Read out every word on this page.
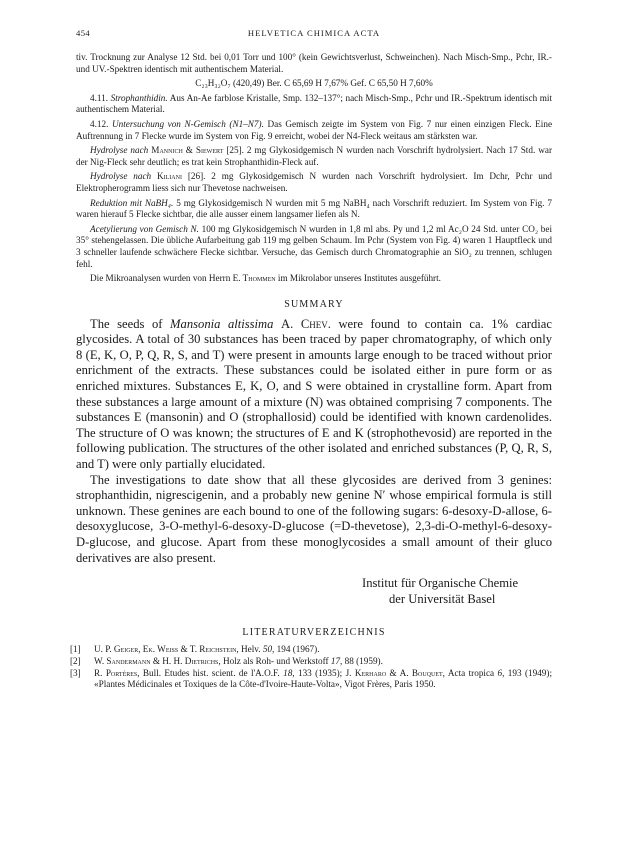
454	HELVETICA CHIMICA ACTA

tiv. Trocknung zur Analyse 12 Std. bei 0,01 Torr und 100° (kein Gewichtsverlust, Schweinchen). Nach Misch-Smp., Pchr, IR.- und UV.-Spektren identisch mit authentischem Material.

C₂₃H₃₂O₇ (420,49) Ber. C 65,69 H 7,67% Gef. C 65,50 H 7,60%

4.11. Strophanthidin. Aus An-Ae farblose Kristalle, Smp. 132–137°; nach Misch-Smp., Pchr und IR.-Spektrum identisch mit authentischem Material.

4.12. Untersuchung von N-Gemisch (N1–N7). Das Gemisch zeigte im System von Fig. 7 nur einen einzigen Fleck. Eine Auftrennung in 7 Flecke wurde im System von Fig. 9 erreicht, wobei der N4-Fleck weitaus am stärksten war.

Hydrolyse nach Mannich & Siewert [25]. 2 mg Glykosidgemisch N wurden nach Vorschrift hydrolysiert. Nach 17 Std. war der Nig-Fleck sehr deutlich; es trat kein Strophanthidin-Fleck auf.

Hydrolyse nach Kiliani [26]. 2 mg Glykosidgemisch N wurden nach Vorschrift hydrolysiert. Im Dchr, Pchr und Elektropherogramm liess sich nur Thevetose nachweisen.

Reduktion mit NaBH₄. 5 mg Glykosidgemisch N wurden mit 5 mg NaBH₄ nach Vorschrift reduziert. Im System von Fig. 7 waren hierauf 5 Flecke sichtbar, die alle ausser einem langsamer liefen als N.

Acetylierung von Gemisch N. 100 mg Glykosidgemisch N wurden in 1,8 ml abs. Py und 1,2 ml Ac₂O 24 Std. unter CO₂ bei 35° stehengelassen. Die übliche Aufarbeitung gab 119 mg gelben Schaum. Im Pchr (System von Fig. 4) waren 1 Hauptfleck und 3 schneller laufende schwächere Flecke sichtbar. Versuche, das Gemisch durch Chromatographie an SiO₂ zu trennen, schlugen fehl.

Die Mikroanalysen wurden von Herrn E. Thommen im Mikrolabor unseres Institutes ausgeführt.

SUMMARY

The seeds of Mansonia altissima A. Chev. were found to contain ca. 1% cardiac glycosides. A total of 30 substances has been traced by paper chromatography, of which only 8 (E, K, O, P, Q, R, S, and T) were present in amounts large enough to be traced without prior enrichment of the extracts. These substances could be isolated either in pure form or as enriched mixtures. Substances E, K, O, and S were obtained in crystalline form. Apart from these substances a large amount of a mixture (N) was obtained comprising 7 components. The substances E (mansonin) and O (strophallosid) could be identified with known cardenolides. The structure of O was known; the structures of E and K (strophothevosid) are reported in the following publication. The structures of the other isolated and enriched substances (P, Q, R, S, and T) were only partially elucidated.

The investigations to date show that all these glycosides are derived from 3 genines: strophanthidin, nigrescigenin, and a probably new genine N′ whose empirical formula is still unknown. These genines are each bound to one of the following sugars: 6-desoxy-D-allose, 6-desoxyglucose, 3-O-methyl-6-desoxy-D-glucose (=D-thevetose), 2,3-di-O-methyl-6-desoxy-D-glucose, and glucose. Apart from these monoglycosides a small amount of their gluco derivatives are also present.

Institut für Organische Chemie
der Universität Basel
LITERATURVERZEICHNIS
[1] U. P. Geiger, Ek. Weiss & T. Reichstein, Helv. 50, 194 (1967).
[2] W. Sandermann & H. H. Dietrichs, Holz als Roh- und Werkstoff 17, 88 (1959).
[3] R. Portères, Bull. Etudes hist. scient. de l'A.O.F. 18, 133 (1935); J. Kerharo & A. Bouquet, Acta tropica 6, 193 (1949); «Plantes Médicinales et Toxiques de la Côte-d'Ivoire-Haute-Volta», Vigot Frères, Paris 1950.
